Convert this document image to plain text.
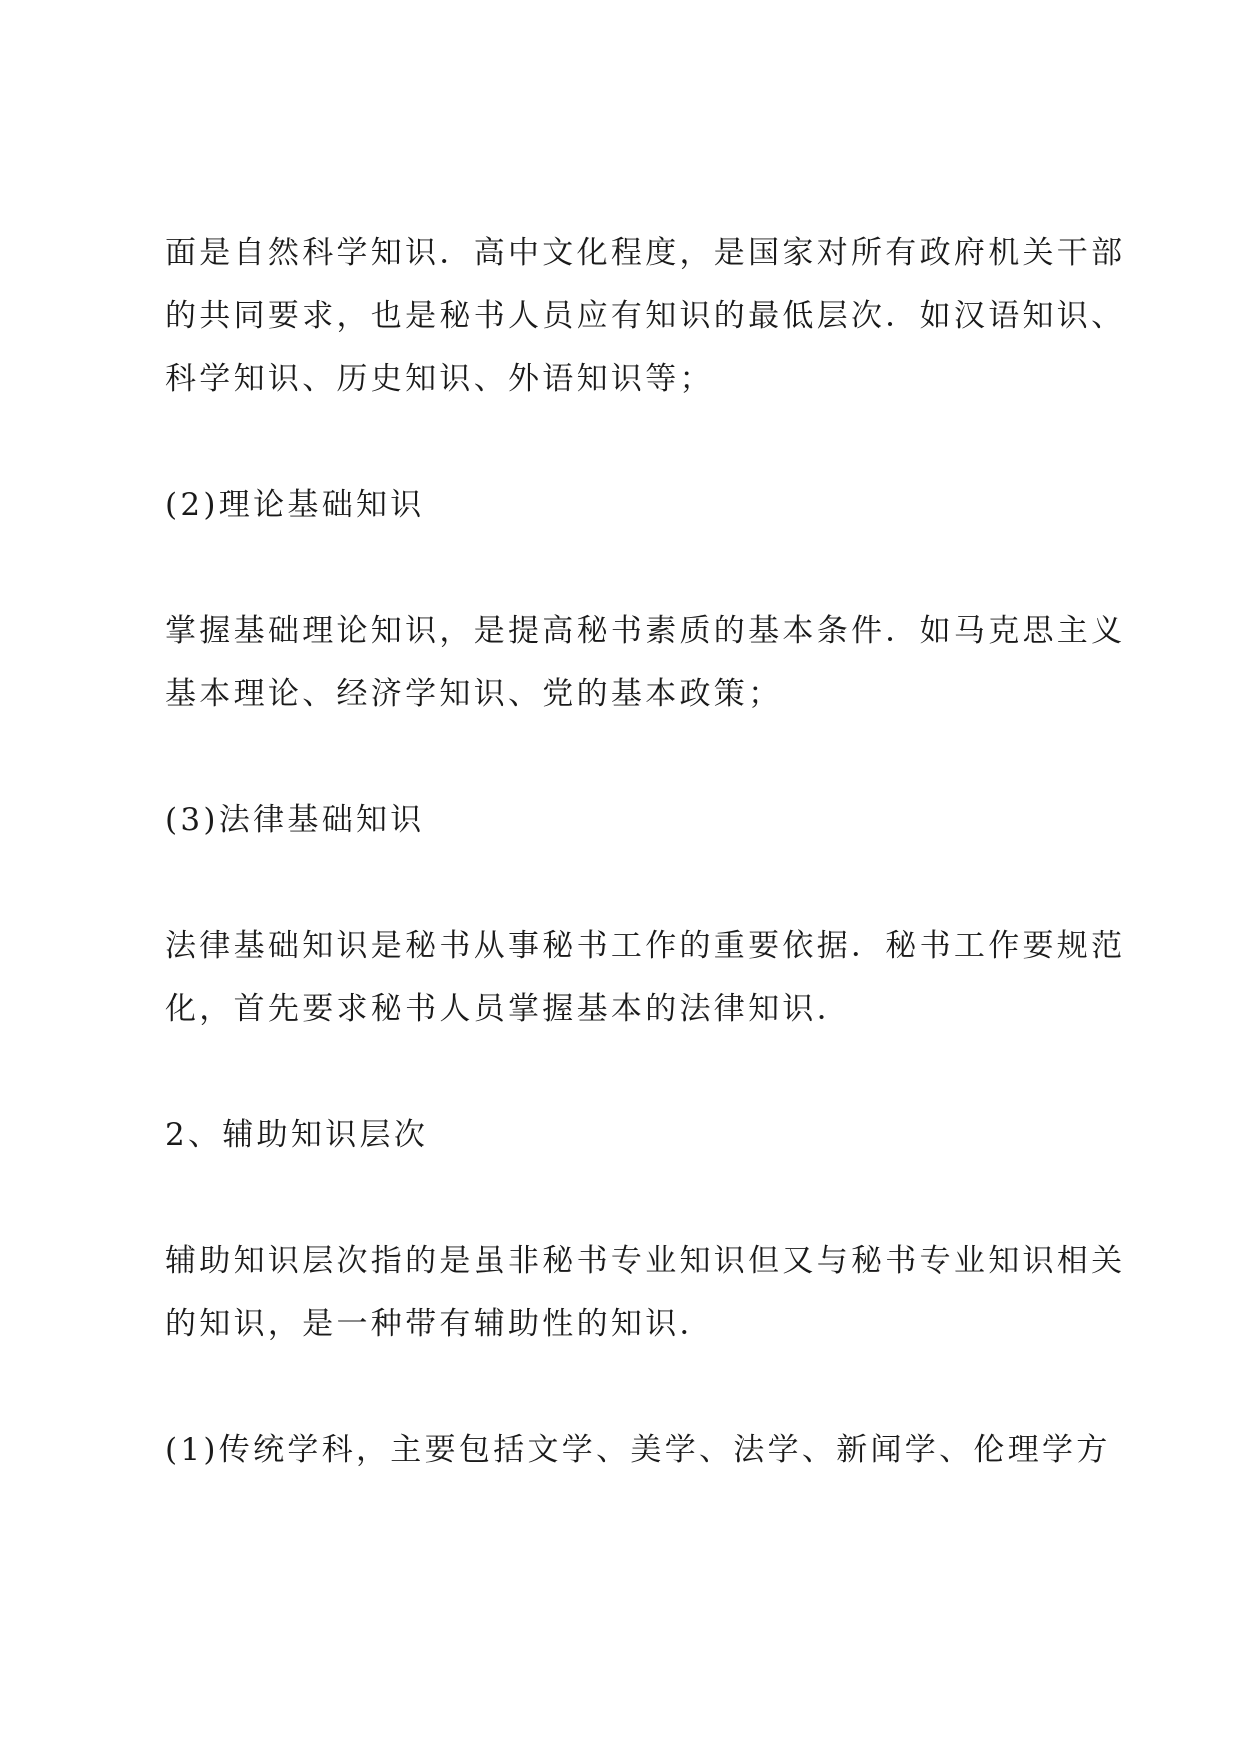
面是自然科学知识．高中文化程度，是国家对所有政府机关干部
的共同要求，也是秘书人员应有知识的最低层次．如汉语知识、
科学知识、历史知识、外语知识等；

(2)理论基础知识

掌握基础理论知识，是提高秘书素质的基本条件．如马克思主义
基本理论、经济学知识、党的基本政策；

(3)法律基础知识

法律基础知识是秘书从事秘书工作的重要依据．秘书工作要规范
化，首先要求秘书人员掌握基本的法律知识．

2、辅助知识层次

辅助知识层次指的是虽非秘书专业知识但又与秘书专业知识相关
的知识，是一种带有辅助性的知识．

(1)传统学科，主要包括文学、美学、法学、新闻学、伦理学方
